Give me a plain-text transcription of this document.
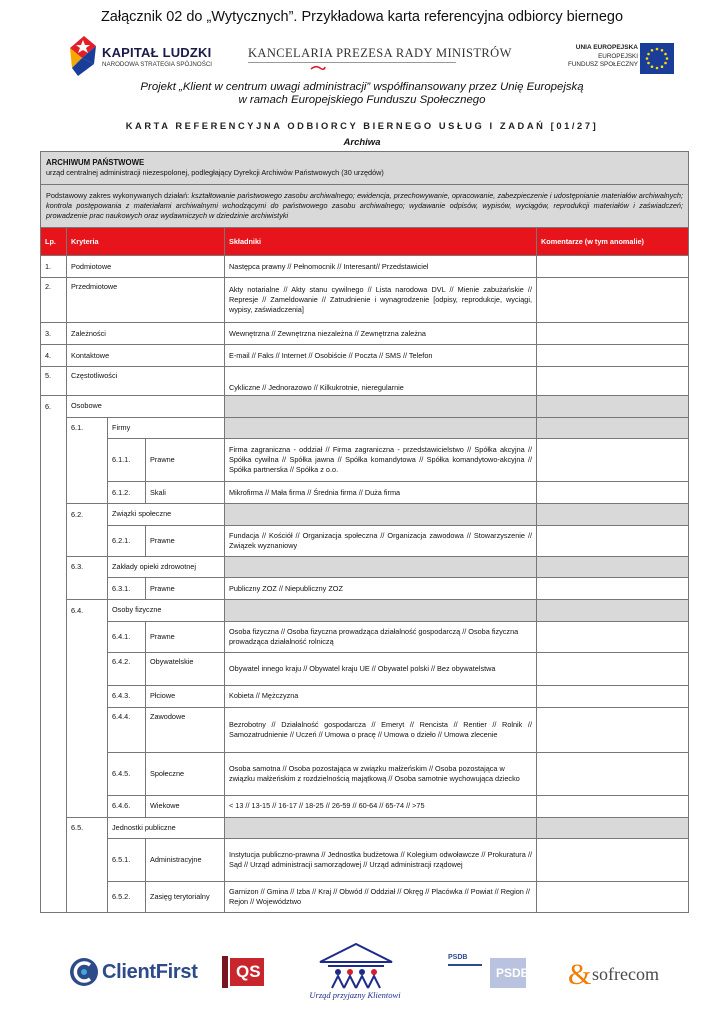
Załącznik 02 do „Wytycznych”. Przykładowa karta referencyjna odbiorcy biernego
KAPITAŁ LUDZKI
NARODOWA STRATEGIA SPÓJNOŚCI
KANCELARIA PREZESA RADY MINISTRÓW	UNIA EUROPEJSKA
EUROPEJSKI
FUNDUSZ SPOŁECZNY
Projekt „Klient w centrum uwagi administracji” współfinansowany przez Unię Europejską
w ramach Europejskiego Funduszu Społecznego
KARTA REFERENCYJNA ODBIORCY BIERNEGO USŁUG I ZADAŃ [01/27]
Archiwa
ARCHIWUM PAŃSTWOWE
urząd centralnej administracji niezespolonej, podległający Dyrekcji Archiwów Państwowych (30 urzędów)					

Podstawowy zakres wykonywanych działań: kształtowanie państwowego zasobu archiwalnego; ewidencja, przechowywanie, opracowanie, zabezpieczenie i udostępnianie materiałów archiwalnych; kontrola postępowania z materiałami archiwalnymi wchodzącymi do państwowego zasobu archiwalnego; wydawanie odpisów, wypisów, wyciągów, reprodukcji materiałów i zaświadczeń; prowadzenie prac naukowych oraz wydawniczych w dziedzinie archiwistyki					
Lp.	Kryteria			Składniki	Komentarze (w tym anomalie)
1.	Podmiotowe			Następca prawny // Pełnomocnik // Interesant// Przedstawiciel	
2.	Przedmiotowe			Akty notarialne // Akty stanu cywilnego // Lista narodowa DVL // Mienie zabużańskie // Represje // Zameldowanie // Zatrudnienie i wynagrodzenie [odpisy, reprodukcje, wyciągi, wypisy, zaświadczenia]	
3.	Zależności			Wewnętrzna // Zewnętrzna niezależna // Zewnętrzna zależna	
4.	Kontaktowe			E-mail // Faks // Internet // Osobiście // Poczta // SMS // Telefon	
5.	Częstotliwości			Cykliczne // Jednorazowo // Kilkukrotnie, nieregularnie	
6.	Osobowe				
	6.1.	Firmy			
		6.1.1.	Prawne	Firma zagraniczna - oddział // Firma zagraniczna - przedstawicielstwo // Spółka akcyjna // Spółka cywilna // Spółka jawna // Spółka komandytowa // Spółka komandytowo-akcyjna // Spółka partnerska // Spółka z o.o.	
		6.1.2.	Skali	Mikrofirma // Mała firma // Średnia firma // Duża firma	
	6.2.	Związki społeczne			
		6.2.1.	Prawne	Fundacja // Kościół // Organizacja społeczna // Organizacja zawodowa // Stowarzyszenie // Związek wyznaniowy	
	6.3.	Zakłady opieki zdrowotnej			
		6.3.1.	Prawne	Publiczny ZOZ // Niepubliczny ZOZ	
	6.4.	Osoby fizyczne			
		6.4.1.	Prawne	Osoba fizyczna // Osoba fizyczna prowadząca działalność gospodarczą // Osoba fizyczna prowadząca działalność rolniczą	
		6.4.2.	Obywatelskie	Obywatel innego kraju // Obywatel kraju UE // Obywatel polski // Bez obywatelstwa	
		6.4.3.	Płciowe	Kobieta // Mężczyzna	
		6.4.4.	Zawodowe	Bezrobotny // Działalność gospodarcza // Emeryt // Rencista // Rentier // Rolnik // Samozatrudnienie // Uczeń // Umowa o pracę // Umowa o dzieło // Umowa zlecenie	
		6.4.5.	Społeczne	Osoba samotna // Osoba pozostająca w związku małżeńskim // Osoba pozostająca w związku małżeńskim z rozdzielnością majątkową // Osoba samotnie wychowująca dziecko	
		6.4.6.	Wiekowe	< 13 // 13-15 // 16-17 // 18-25 // 26-59 // 60-64 // 65-74 // >75	
	6.5.	Jednostki publiczne			
		6.5.1.	Administracyjne	Instytucja publiczno-prawna // Jednostka budżetowa // Kolegium odwoławcze // Prokuratura // Sąd // Urząd administracji samorządowej // Urząd administracji rządowej	
		6.5.2.	Zasięg terytorialny	Garnizon // Gmina // Izba // Kraj // Obwód // Oddział // Okręg // Placówka // Powiat // Region // Rejon // Województwo	
ClientFirst QS
Urząd przyjazny Klientowi
PSDB
PSDB & sofrecom
